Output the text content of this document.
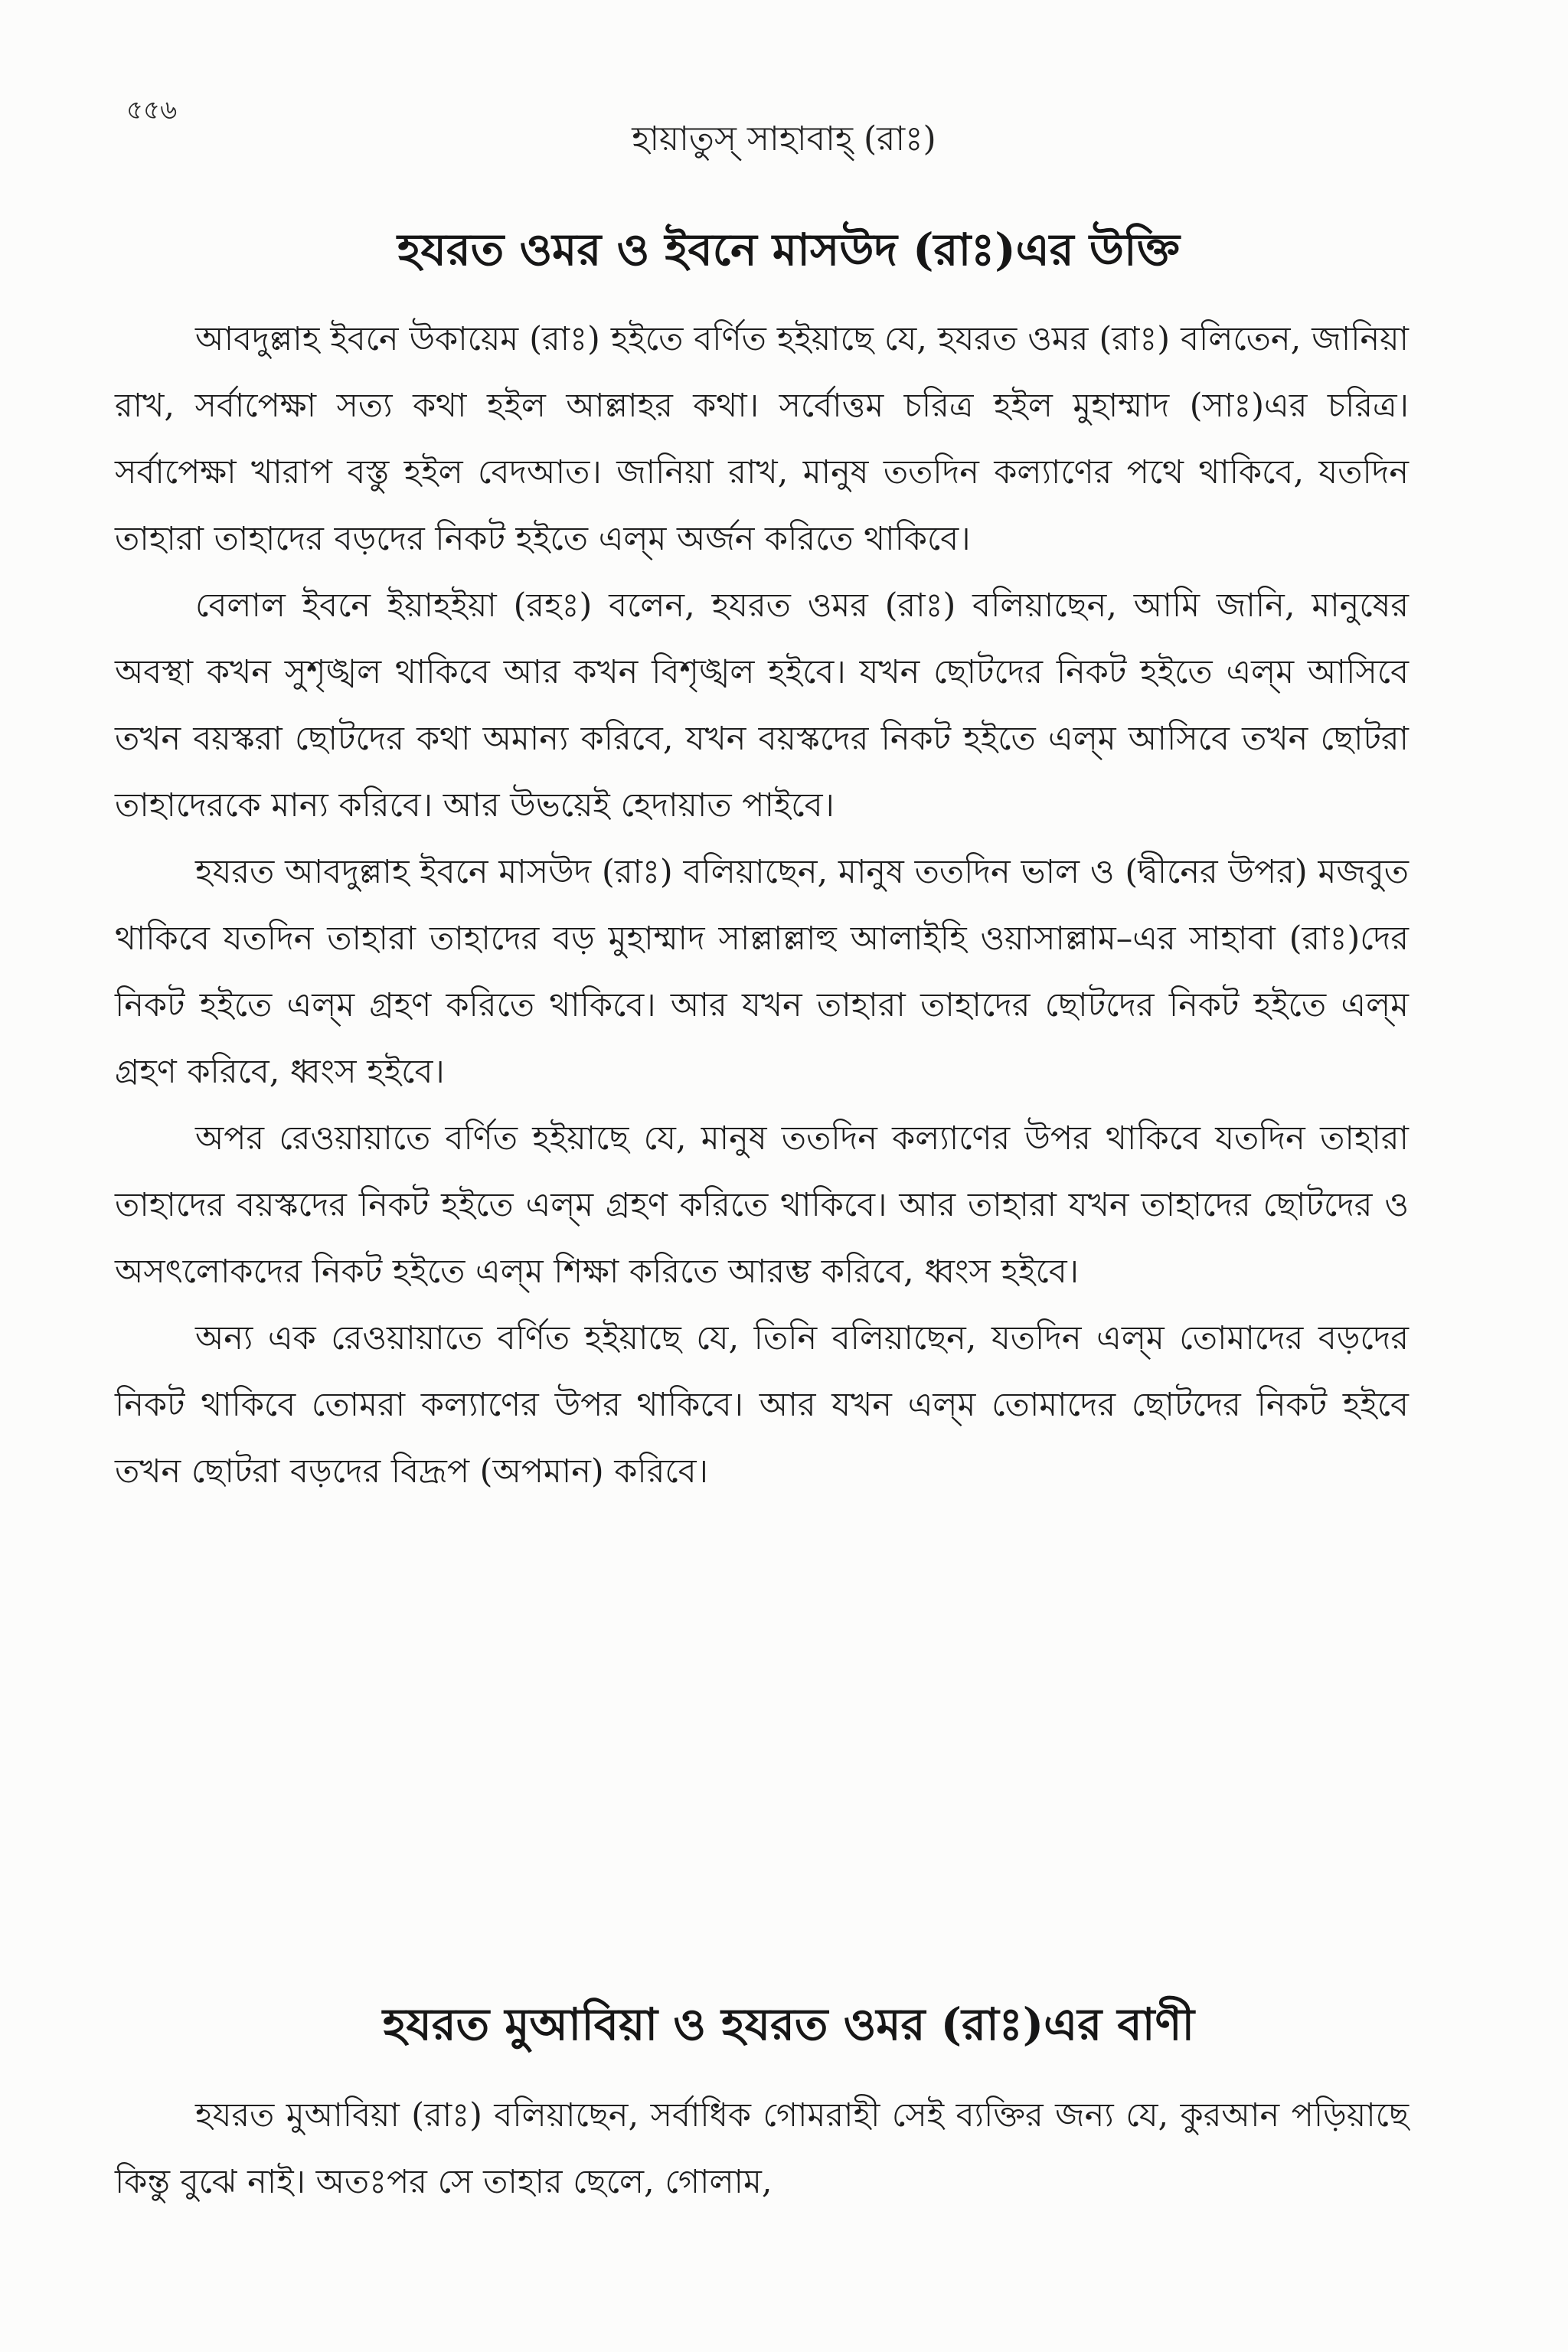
৫৫৬
হায়াতুস্ সাহাবাহ্ (রাঃ)
হযরত ওমর ও ইবনে মাসউদ (রাঃ)এর উক্তি

আবদুল্লাহ ইবনে উকায়েম (রাঃ) হইতে বর্ণিত হইয়াছে যে, হযরত ওমর (রাঃ) বলিতেন, জানিয়া রাখ, সর্বাপেক্ষা সত্য কথা হইল আল্লাহর কথা। সর্বোত্তম চরিত্র হইল মুহাম্মাদ (সাঃ)এর চরিত্র। সর্বাপেক্ষা খারাপ বস্তু হইল বেদআত। জানিয়া রাখ, মানুষ ততদিন কল্যাণের পথে থাকিবে, যতদিন তাহারা তাহাদের বড়দের নিকট হইতে এল্‌ম অর্জন করিতে থাকিবে।

বেলাল ইবনে ইয়াহইয়া (রহঃ) বলেন, হযরত ওমর (রাঃ) বলিয়াছেন, আমি জানি, মানুষের অবস্থা কখন সুশৃঙ্খল থাকিবে আর কখন বিশৃঙ্খল হইবে। যখন ছোটদের নিকট হইতে এল্‌ম আসিবে তখন বয়স্করা ছোটদের কথা অমান্য করিবে, যখন বয়স্কদের নিকট হইতে এল্‌ম আসিবে তখন ছোটরা তাহাদেরকে মান্য করিবে। আর উভয়েই হেদায়াত পাইবে।

হযরত আবদুল্লাহ ইবনে মাসউদ (রাঃ) বলিয়াছেন, মানুষ ততদিন ভাল ও (দ্বীনের উপর) মজবুত থাকিবে যতদিন তাহারা তাহাদের বড় মুহাম্মাদ সাল্লাল্লাহু আলাইহি ওয়াসাল্লাম–এর সাহাবা (রাঃ)দের নিকট হইতে এল্‌ম গ্রহণ করিতে থাকিবে। আর যখন তাহারা তাহাদের ছোটদের নিকট হইতে এল্‌ম গ্রহণ করিবে, ধ্বংস হইবে।

অপর রেওয়ায়াতে বর্ণিত হইয়াছে যে, মানুষ ততদিন কল্যাণের উপর থাকিবে যতদিন তাহারা তাহাদের বয়স্কদের নিকট হইতে এল্‌ম গ্রহণ করিতে থাকিবে। আর তাহারা যখন তাহাদের ছোটদের ও অসৎলোকদের নিকট হইতে এল্‌ম শিক্ষা করিতে আরম্ভ করিবে, ধ্বংস হইবে।

অন্য এক রেওয়ায়াতে বর্ণিত হইয়াছে যে, তিনি বলিয়াছেন, যতদিন এল্‌ম তোমাদের বড়দের নিকট থাকিবে তোমরা কল্যাণের উপর থাকিবে। আর যখন এল্‌ম তোমাদের ছোটদের নিকট হইবে তখন ছোটরা বড়দের বিদ্রূপ (অপমান) করিবে।

হযরত মুআবিয়া ও হযরত ওমর (রাঃ)এর বাণী

হযরত মুআবিয়া (রাঃ) বলিয়াছেন, সর্বাধিক গোমরাহী সেই ব্যক্তির জন্য যে, কুরআন পড়িয়াছে কিন্তু বুঝে নাই। অতঃপর সে তাহার ছেলে, গোলাম,
